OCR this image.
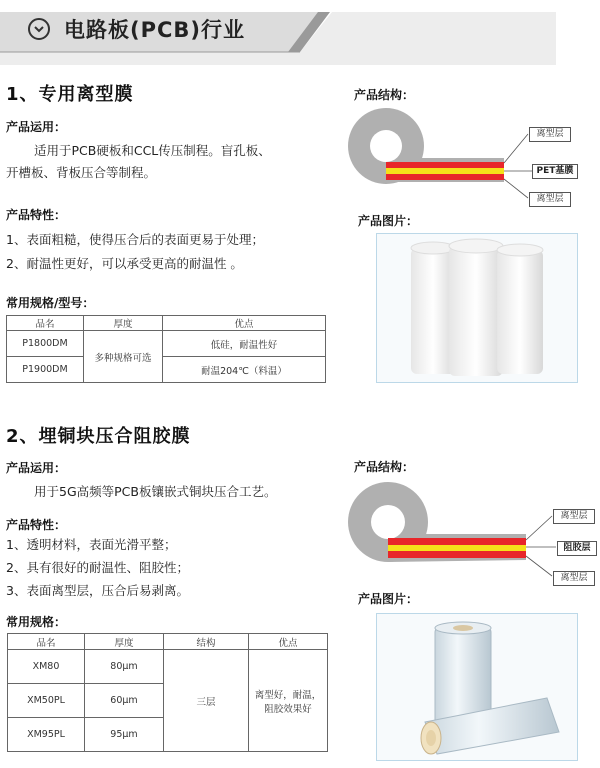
电路板(PCB)行业
1、专用离型膜
产品运用：
适用于PCB硬板和CCL传压制程。盲孔板、
开槽板、背板压合等制程。
产品特性：
1、表面粗糙，使得压合后的表面更易于处理；
2、耐温性更好，可以承受更高的耐温性 。
常用规格/型号：
品名	厚度	优点
P1800DM	多种规格可选	低硅，耐温性好
P1900DM		耐温204℃（料温）
产品结构：
离型层
PET基膜
离型层
产品图片：
2、埋铜块压合阻胶膜
产品运用：
用于5G高频等PCB板镶嵌式铜块压合工艺。
产品特性：
1、透明材料，表面光滑平整；
2、具有很好的耐温性、阻胶性；
3、表面离型层，压合后易剥离。
常用规格：
品名	厚度	结构	优点
XM80	80μm	三层	离型好，耐温，
阻胶效果好

XM50PL	60μm		
XM95PL	95μm		
产品结构：
离型层
阻胶层
离型层
产品图片：
